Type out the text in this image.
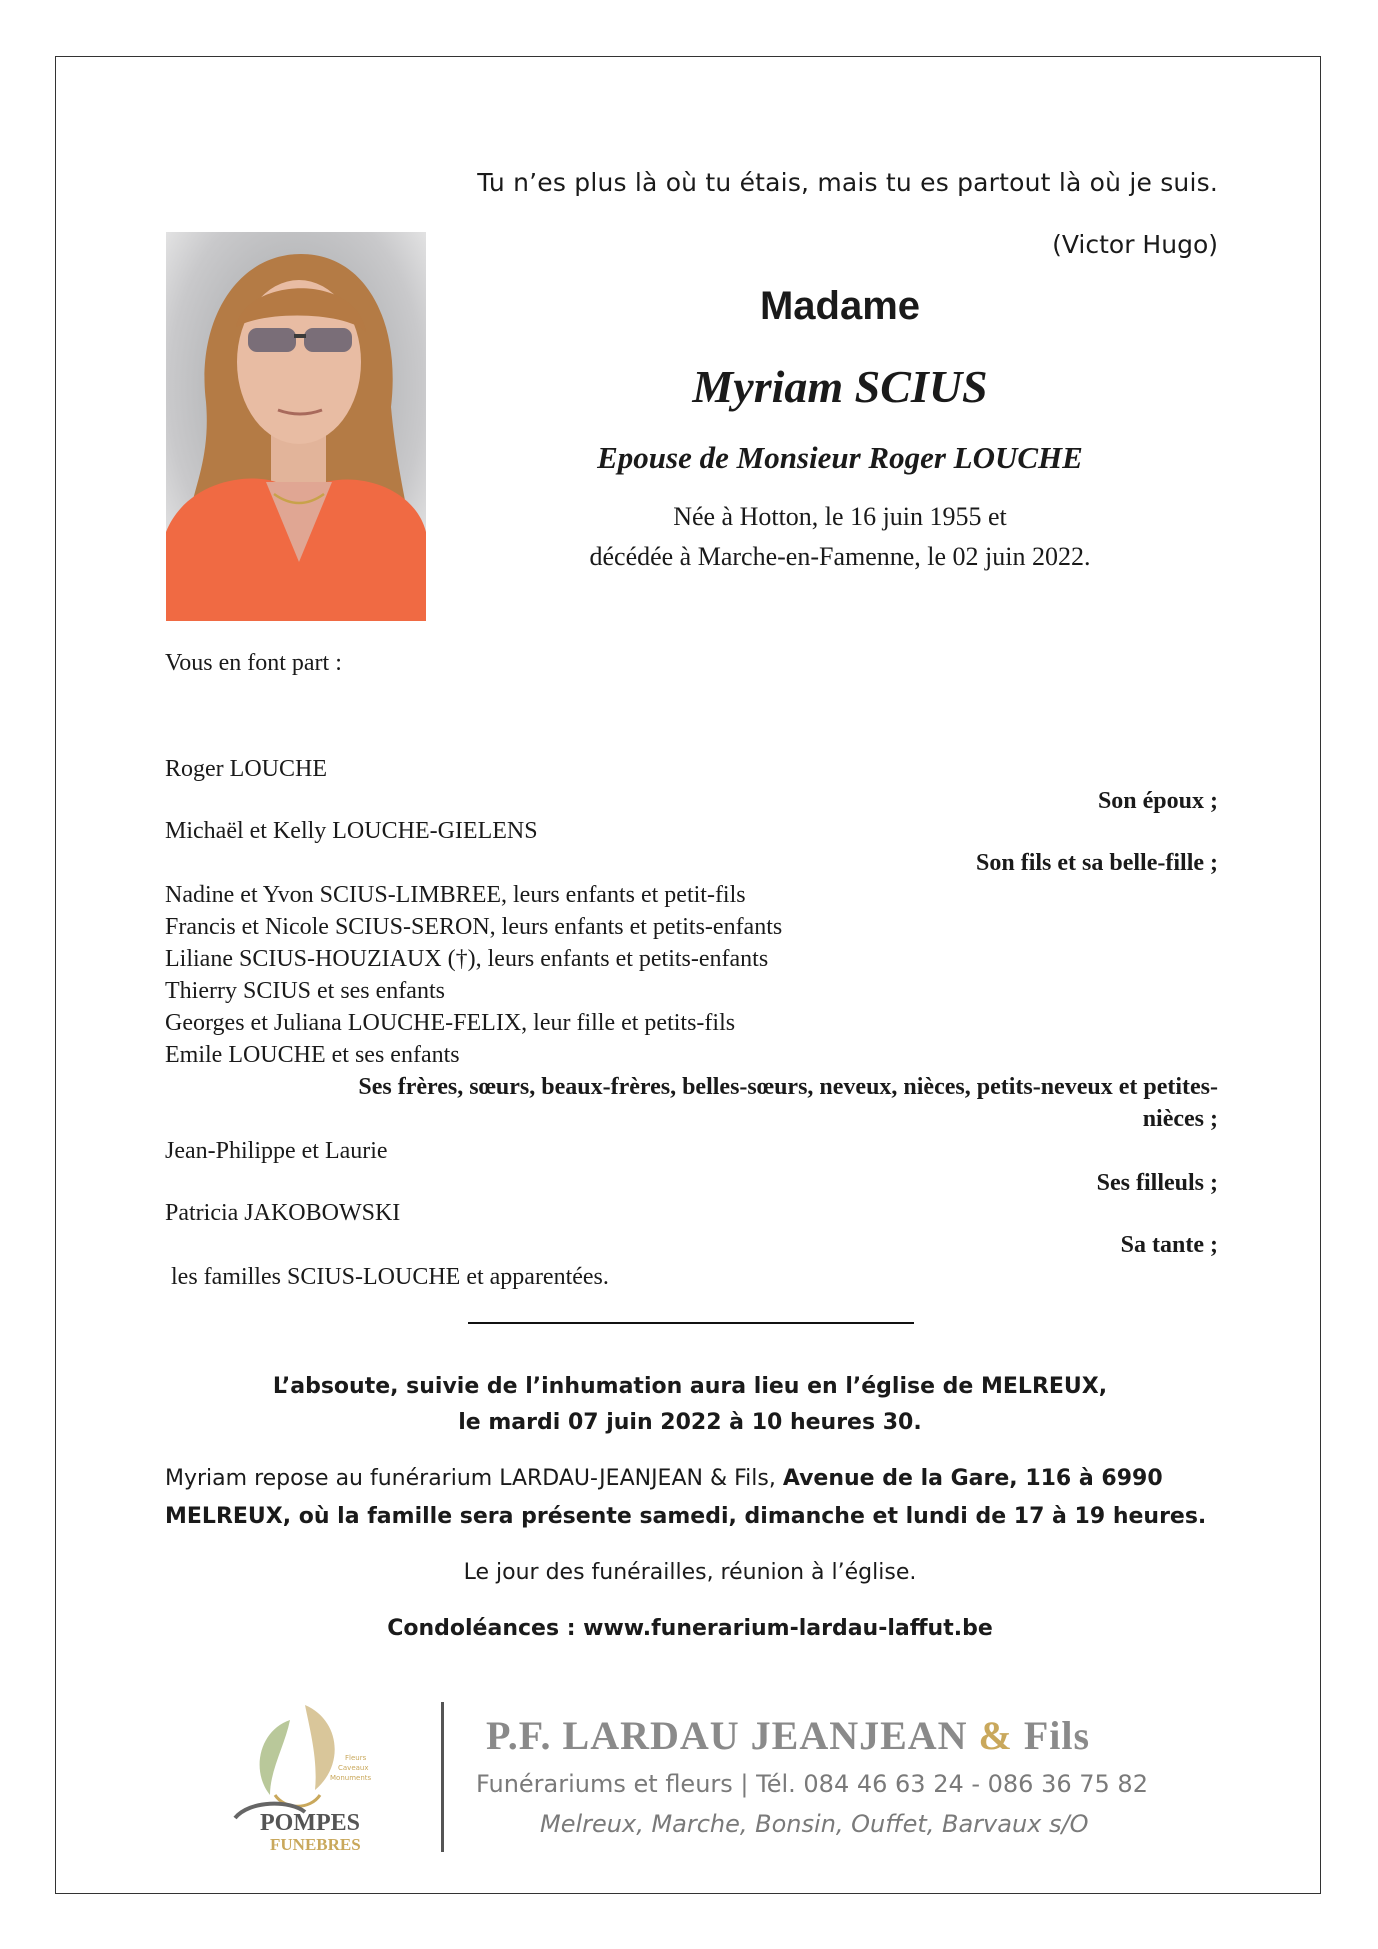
Tu n’es plus là où tu étais, mais tu es partout là où je suis.
(Victor Hugo)
Madame
Myriam SCIUS
Epouse de Monsieur Roger LOUCHE
Née à Hotton, le 16 juin 1955 et
décédée à Marche-en-Famenne, le 02 juin 2022.
Vous en font part :
Roger LOUCHE
Son époux ;
Michaël et Kelly LOUCHE-GIELENS
Son fils et sa belle-fille ;
Nadine et Yvon SCIUS-LIMBREE, leurs enfants et petit-fils
Francis et Nicole SCIUS-SERON, leurs enfants et petits-enfants
Liliane SCIUS-HOUZIAUX (†), leurs enfants et petits-enfants
Thierry SCIUS et ses enfants
Georges et Juliana LOUCHE-FELIX, leur fille et petits-fils
Emile LOUCHE et ses enfants
Ses frères, sœurs, beaux-frères, belles-sœurs, neveux, nièces, petits-neveux et petites-
nièces ;
Jean-Philippe et Laurie
Ses filleuls ;
Patricia JAKOBOWSKI
Sa tante ;
les familles SCIUS-LOUCHE et apparentées.
L’absoute, suivie de l’inhumation aura lieu en l’église de MELREUX,
le mardi 07 juin 2022 à 10 heures 30.
Myriam repose au funérarium LARDAU-JEANJEAN & Fils, Avenue de la Gare, 116 à 6990
MELREUX, où la famille sera présente samedi, dimanche et lundi de 17 à 19 heures.
Le jour des funérailles, réunion à l’église.
Condoléances : www.funerarium-lardau-laffut.be
Fleurs
Caveaux
Monuments
POMPES
FUNEBRES
P.F. LARDAU JEANJEAN & Fils
Funérariums et fleurs | Tél. 084 46 63 24 - 086 36 75 82
Melreux, Marche, Bonsin, Ouffet, Barvaux s/O
